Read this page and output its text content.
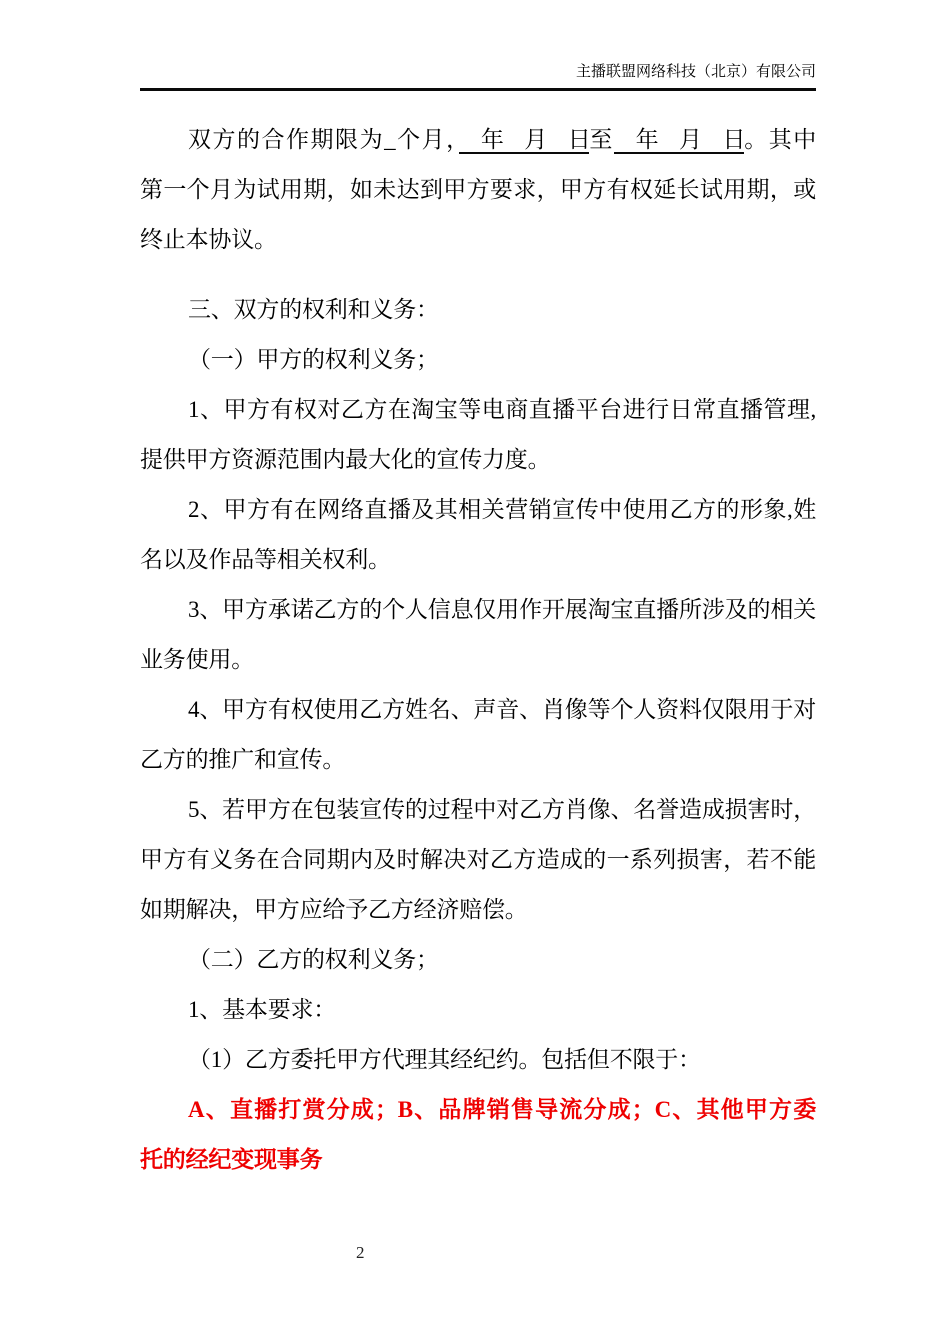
主播联盟网络科技（北京）有限公司
双方的合作期限为_个月，　年　月　日至　年　月　日。其中
第一个月为试用期，如未达到甲方要求，甲方有权延长试用期，或
终止本协议。
三、双方的权利和义务：
（一）甲方的权利义务；
1、甲方有权对乙方在淘宝等电商直播平台进行日常直播管理,
提供甲方资源范围内最大化的宣传力度。
2、甲方有在网络直播及其相关营销宣传中使用乙方的形象,姓
名以及作品等相关权利。
3、甲方承诺乙方的个人信息仅用作开展淘宝直播所涉及的相关
业务使用。
4、甲方有权使用乙方姓名、声音、肖像等个人资料仅限用于对
乙方的推广和宣传。
5、若甲方在包装宣传的过程中对乙方肖像、名誉造成损害时，
甲方有义务在合同期内及时解决对乙方造成的一系列损害，若不能
如期解决，甲方应给予乙方经济赔偿。
（二）乙方的权利义务；
1、基本要求：
（1）乙方委托甲方代理其经纪约。包括但不限于：
A、直播打赏分成；B、品牌销售导流分成；C、其他甲方委
托的经纪变现事务
2
